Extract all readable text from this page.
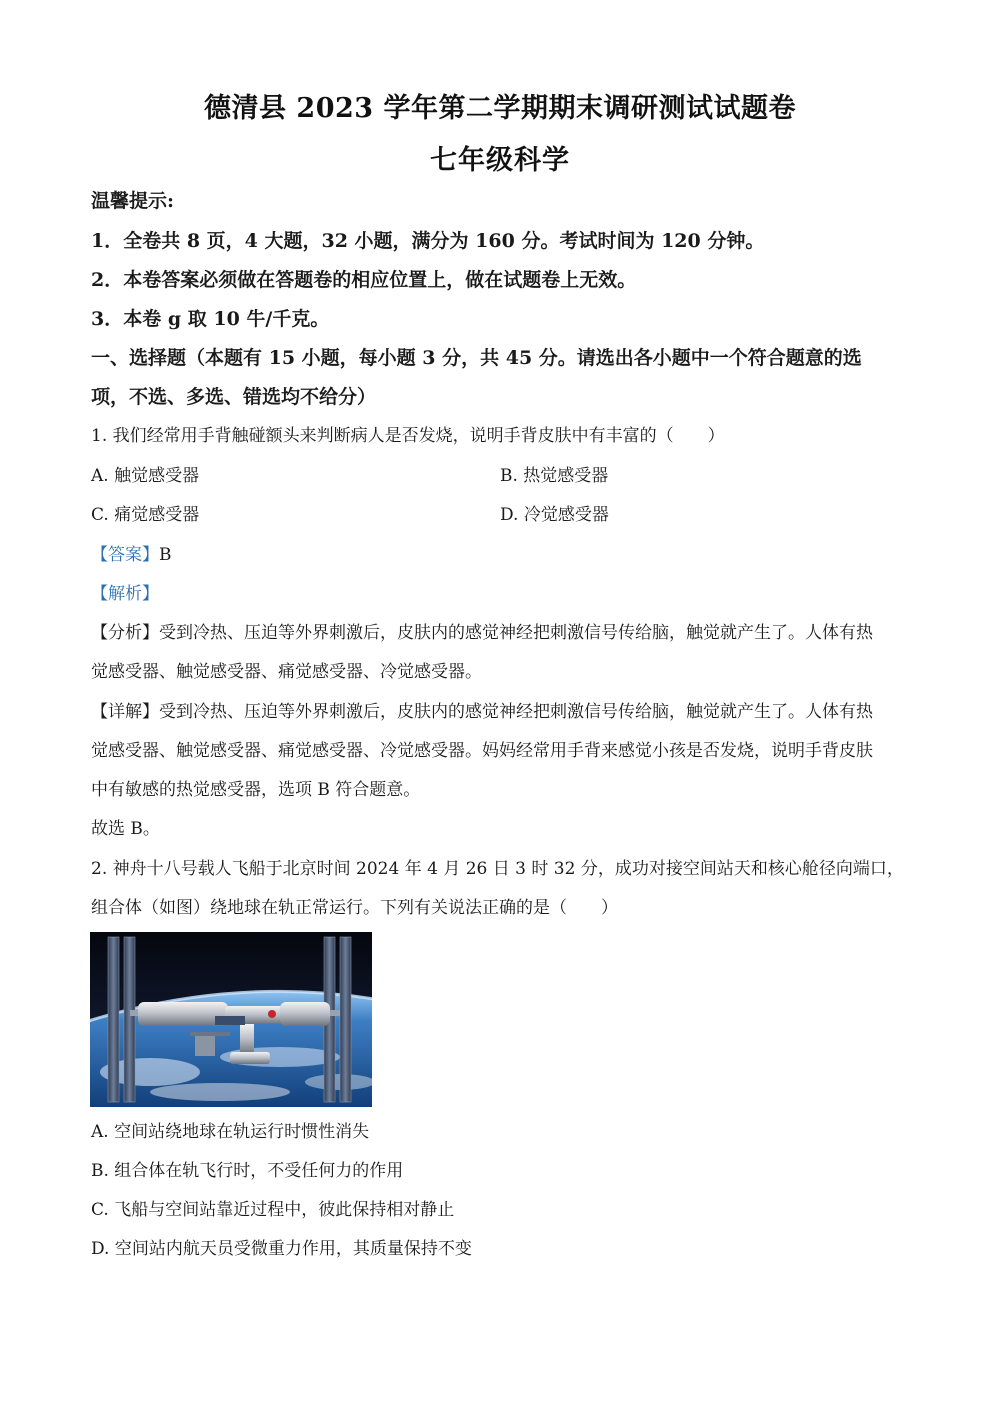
德清县 2023 学年第二学期期末调研测试试题卷
七年级科学
温馨提示:
1．全卷共 8 页，4 大题，32 小题，满分为 160 分。考试时间为 120 分钟。
2．本卷答案必须做在答题卷的相应位置上，做在试题卷上无效。
3．本卷 g 取 10 牛/千克。
一、选择题（本题有 15 小题，每小题 3 分，共 45 分。请选出各小题中一个符合题意的选
项，不选、多选、错选均不给分）
1. 我们经常用手背触碰额头来判断病人是否发烧，说明手背皮肤中有丰富的（　　）
A. 触觉感受器	B. 热觉感受器
C. 痛觉感受器	D. 冷觉感受器
【答案】B
【解析】
【分析】受到冷热、压迫等外界刺激后，皮肤内的感觉神经把刺激信号传给脑，触觉就产生了。人体有热
觉感受器、触觉感受器、痛觉感受器、冷觉感受器。
【详解】受到冷热、压迫等外界刺激后，皮肤内的感觉神经把刺激信号传给脑，触觉就产生了。人体有热
觉感受器、触觉感受器、痛觉感受器、冷觉感受器。妈妈经常用手背来感觉小孩是否发烧，说明手背皮肤
中有敏感的热觉感受器，选项 B 符合题意。
故选 B。
2. 神舟十八号载人飞船于北京时间 2024 年 4 月 26 日 3 时 32 分，成功对接空间站天和核心舱径向端口，
组合体（如图）绕地球在轨正常运行。下列有关说法正确的是（　　）
A. 空间站绕地球在轨运行时惯性消失
B. 组合体在轨飞行时，不受任何力的作用
C. 飞船与空间站靠近过程中，彼此保持相对静止
D. 空间站内航天员受微重力作用，其质量保持不变
